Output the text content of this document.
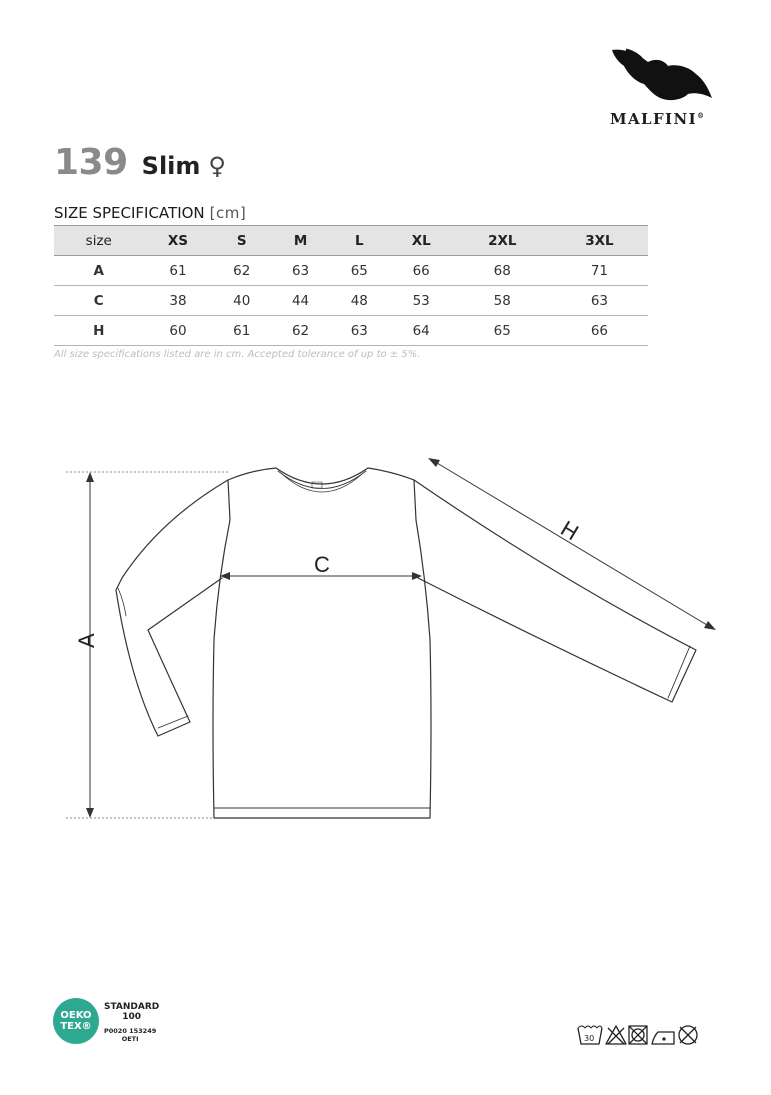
MALFINI®
139 Slim ♀
SIZE SPECIFICATION [cm]
size	XS	S	M	L	XL	2XL	3XL
A	61	62	63	65	66	68	71
C	38	40	44	48	53	58	63
H	60	61	62	63	64	65	66
All size specifications listed are in cm. Accepted tolerance of up to ± 5%.
A
C
H
OEKO
TEX®
STANDARD
100
P0020 153249
OETI	30
